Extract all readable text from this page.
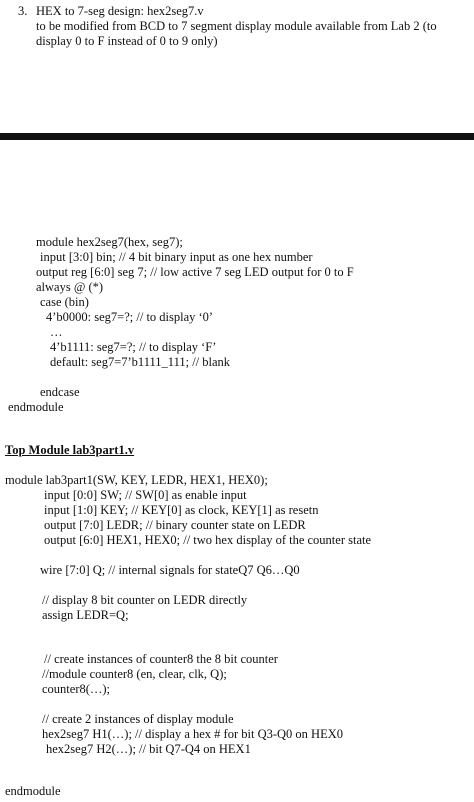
3. HEX to 7-seg design: hex2seg7.v
to be modified from BCD to 7 segment display module available from Lab 2 (to
display 0 to F instead of 0 to 9 only)
module hex2seg7(hex, seg7);
input [3:0] bin; // 4 bit binary input as one hex number
output reg [6:0] seg 7; // low active 7 seg LED output for 0 to F
always @ (*)
case (bin)
4’b0000: seg7=?; // to display ‘0’
…
4’b1111: seg7=?; // to display ‘F’
default: seg7=7’b1111_111; // blank
endcase
endmodule
Top Module lab3part1.v
module lab3part1(SW, KEY, LEDR, HEX1, HEX0);
input [0:0] SW; // SW[0] as enable input
input [1:0] KEY; // KEY[0] as clock, KEY[1] as resetn
output [7:0] LEDR; // binary counter state on LEDR
output [6:0] HEX1, HEX0; // two hex display of the counter state
wire [7:0] Q; // internal signals for stateQ7 Q6…Q0
// display 8 bit counter on LEDR directly
assign LEDR=Q;
// create instances of counter8 the 8 bit counter
//module counter8 (en, clear, clk, Q);
counter8(…);
// create 2 instances of display module
hex2seg7 H1(…); // display a hex # for bit Q3-Q0 on HEX0
hex2seg7 H2(…); // bit Q7-Q4 on HEX1
endmodule
